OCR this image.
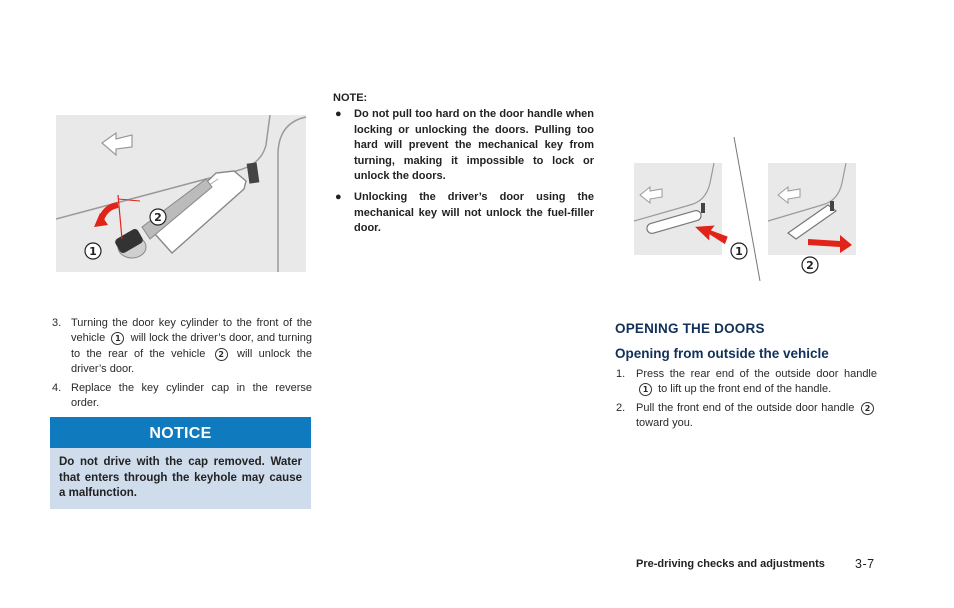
2
1
3. Turning the door key cylinder to the front of the vehicle 1 will lock the driver’s door, and turning to the rear of the vehicle 2 will unlock the driver’s door.
4. Replace the key cylinder cap in the reverse order.
NOTICE
Do not drive with the cap removed. Water that enters through the keyhole may cause a malfunction.
NOTE:
● Do not pull too hard on the door handle when locking or unlocking the doors. Pulling too hard will prevent the mechanical key from turning, making it impossible to lock or unlock the doors.
● Unlocking the driver’s door using the mechanical key will not unlock the fuel-filler door.
1
2
OPENING THE DOORS
Opening from outside the vehicle
1. Press the rear end of the outside door handle 1 to lift up the front end of the handle.
2. Pull the front end of the outside door handle 2 toward you.
Pre-driving checks and adjustments 3-7
